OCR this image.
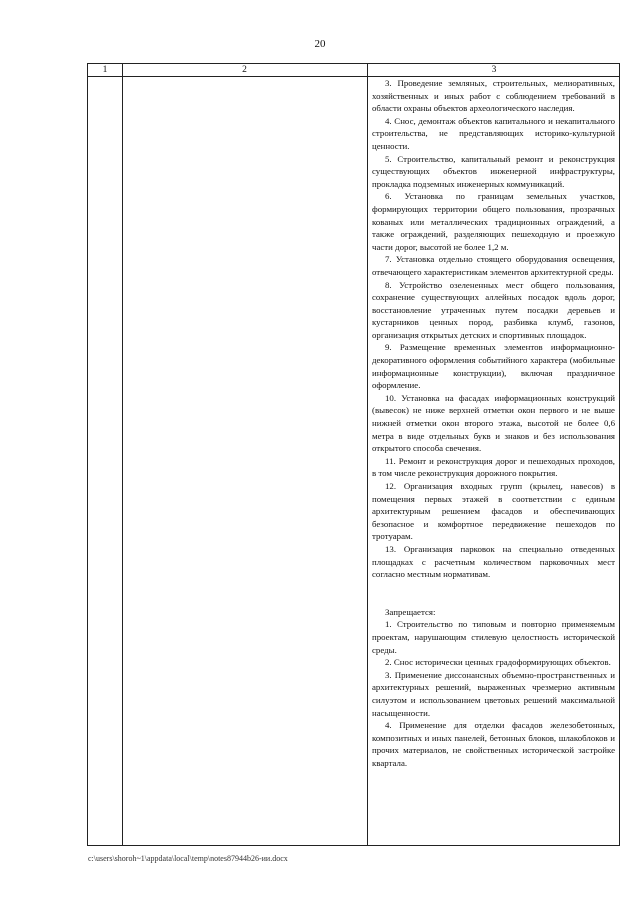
20
1	2	3

3. Проведение земляных, строительных, мелиоративных, хозяйственных и иных работ с соблюдением требований в области охраны объектов археологического наследия.

4. Снос, демонтаж объектов капитального и некапитального строительства, не представляющих историко-культурной ценности.

5. Строительство, капитальный ремонт и реконструкция существующих объектов инженерной инфраструктуры, прокладка подземных инженерных коммуникаций.

6. Установка по границам земельных участков, формирующих территории общего пользования, прозрачных кованых или металлических традиционных ограждений, а также ограждений, разделяющих пешеходную и проезжую части дорог, высотой не более 1,2 м.

7. Установка отдельно стоящего оборудования освещения, отвечающего характеристикам элементов архитектурной среды.

8. Устройство озелененных мест общего пользования, сохранение существующих аллейных посадок вдоль дорог, восстановление утраченных путем посадки деревьев и кустарников ценных пород, разбивка клумб, газонов, организация открытых детских и спортивных площадок.

9. Размещение временных элементов информационно-декоративного оформления событийного характера (мобильные информационные конструкции), включая праздничное оформление.

10. Установка на фасадах информационных конструкций (вывесок) не ниже верхней отметки окон первого и не выше нижней отметки окон второго этажа, высотой не более 0,6 метра в виде отдельных букв и знаков и без использования открытого способа свечения.

11. Ремонт и реконструкция дорог и пешеходных проходов, в том числе реконструкция дорожного покрытия.

12. Организация входных групп (крылец, навесов) в помещения первых этажей в соответствии с единым архитектурным решением фасадов и обеспечивающих безопасное и комфортное передвижение пешеходов по тротуарам.

13. Организация парковок на специально отведенных площадках с расчетным количеством парковочных мест согласно местным нормативам.

Запрещается:

1. Строительство по типовым и повторно применяемым проектам, нарушающим стилевую целостность исторической среды.

2. Снос исторически ценных градоформирующих объектов.

3. Применение диссонансных объемно-пространственных и архитектурных решений, выраженных чрезмерно активным силуэтом и использованием цветовых решений максимальной насыщенности.

4. Применение для отделки фасадов железобетонных, композитных и иных панелей, бетонных блоков, шлакоблоков и прочих материалов, не свойственных исторической застройке квартала.

c:\users\shoroh~1\appdata\local\temp\notes87944b26-ии.docx
